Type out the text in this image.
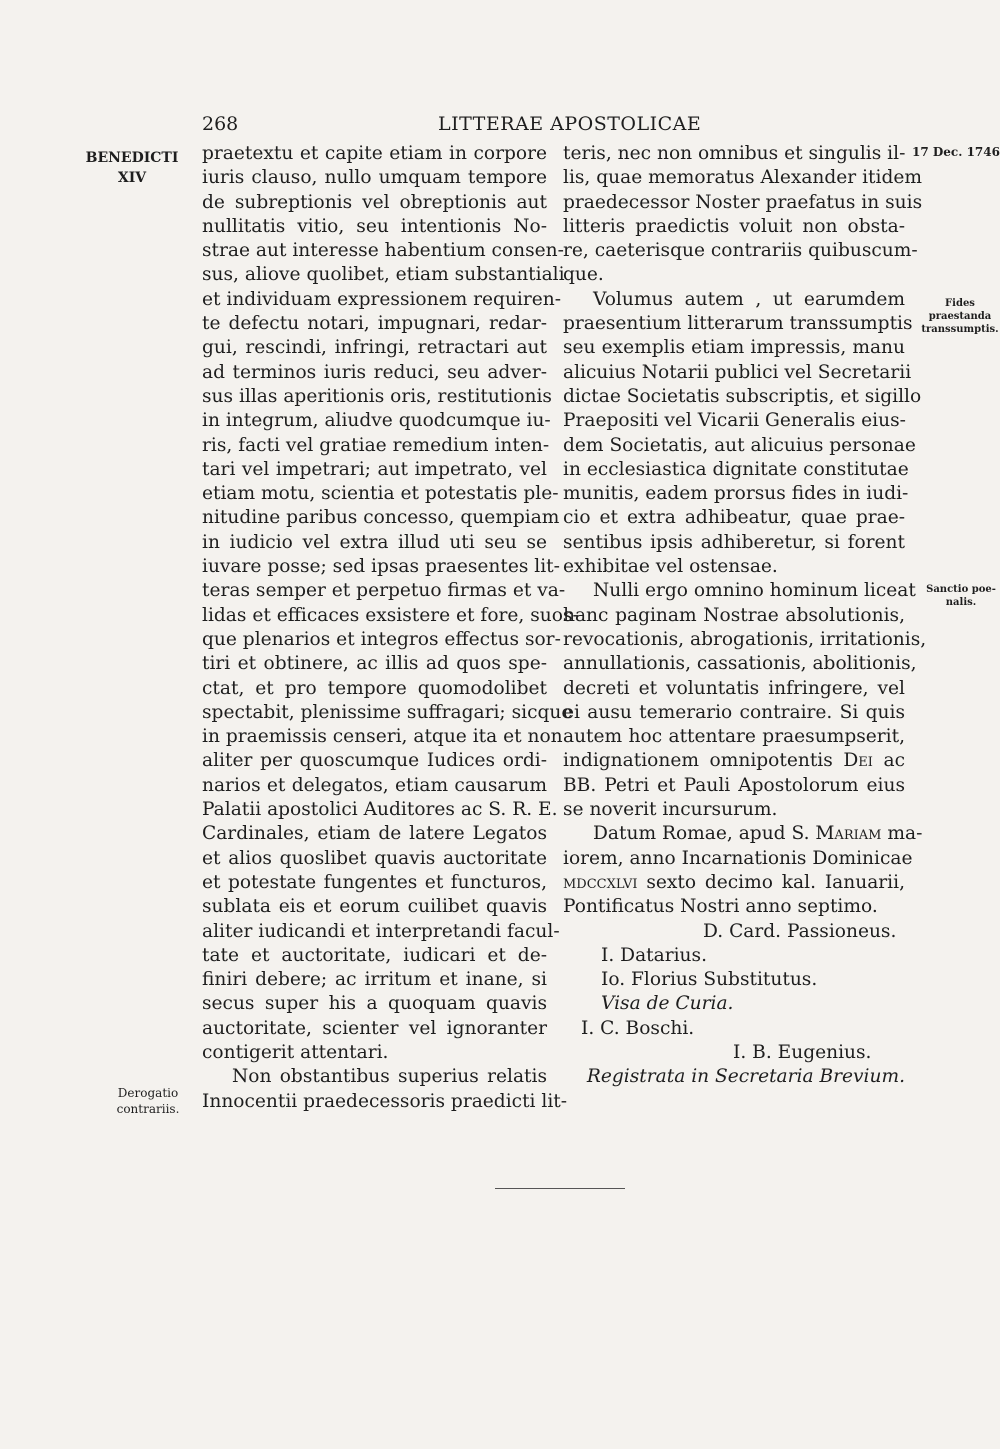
268	LITTERAE APOSTOLICAE
BENEDICTI
XIV
Derogatio
contrariis.
17 Dec. 1746
Fides
praestanda
transsumptis.
Sanctio poe-
nalis.
praetextu et capite etiam in corpore
iuris clauso, nullo umquam tempore
de subreptionis vel obreptionis aut
nullitatis vitio, seu intentionis No-
strae aut interesse habentium consen-
sus, aliove quolibet, etiam substantiali
et individuam expressionem requiren-
te defectu notari, impugnari, redar-
gui, rescindi, infringi, retractari aut
ad terminos iuris reduci, seu adver-
sus illas aperitionis oris, restitutionis
in integrum, aliudve quodcumque iu-
ris, facti vel gratiae remedium inten-
tari vel impetrari; aut impetrato, vel
etiam motu, scientia et potestatis ple-
nitudine paribus concesso, quempiam
in iudicio vel extra illud uti seu se
iuvare posse; sed ipsas praesentes lit-
teras semper et perpetuo firmas et va-
lidas et efficaces exsistere et fore, suos-
que plenarios et integros effectus sor-
tiri et obtinere, ac illis ad quos spe-
ctat, et pro tempore quomodolibet
spectabit, plenissime suffragari; sicque
in praemissis censeri, atque ita et non
aliter per quoscumque Iudices ordi-
narios et delegatos, etiam causarum
Palatii apostolici Auditores ac S. R. E.
Cardinales, etiam de latere Legatos
et alios quoslibet quavis auctoritate
et potestate fungentes et functuros,
sublata eis et eorum cuilibet quavis
aliter iudicandi et interpretandi facul-
tate et auctoritate, iudicari et de-
finiri debere; ac irritum et inane, si
secus super his a quoquam quavis
auctoritate, scienter vel ignoranter
contigerit attentari.
Non obstantibus superius relatis
Innocentii praedecessoris praedicti lit-
teris, nec non omnibus et singulis il-
lis, quae memoratus Alexander itidem
praedecessor Noster praefatus in suis
litteris praedictis voluit non obsta-
re, caeterisque contrariis quibuscum-
que.
Volumus autem , ut earumdem
praesentium litterarum transsumptis
seu exemplis etiam impressis, manu
alicuius Notarii publici vel Secretarii
dictae Societatis subscriptis, et sigillo
Praepositi vel Vicarii Generalis eius-
dem Societatis, aut alicuius personae
in ecclesiastica dignitate constitutae
munitis, eadem prorsus fides in iudi-
cio et extra adhibeatur, quae prae-
sentibus ipsis adhiberetur, si forent
exhibitae vel ostensae.
Nulli ergo omnino hominum liceat
hanc paginam Nostrae absolutionis,
revocationis, abrogationis, irritationis,
annullationis, cassationis, abolitionis,
decreti et voluntatis infringere, vel
ei ausu temerario contraire. Si quis
autem hoc attentare praesumpserit,
indignationem omnipotentis Dei ac
BB. Petri et Pauli Apostolorum eius
se noverit incursurum.
Datum Romae, apud S. Mariam ma-
iorem, anno Incarnationis Dominicae
mdccxlvi sexto decimo kal. Ianuarii,
Pontificatus Nostri anno septimo.
D. Card. Passioneus.
I. Datarius.
Io. Florius Substitutus.
Visa de Curia.
I. C. Boschi.
I. B. Eugenius.
Registrata in Secretaria Brevium.
